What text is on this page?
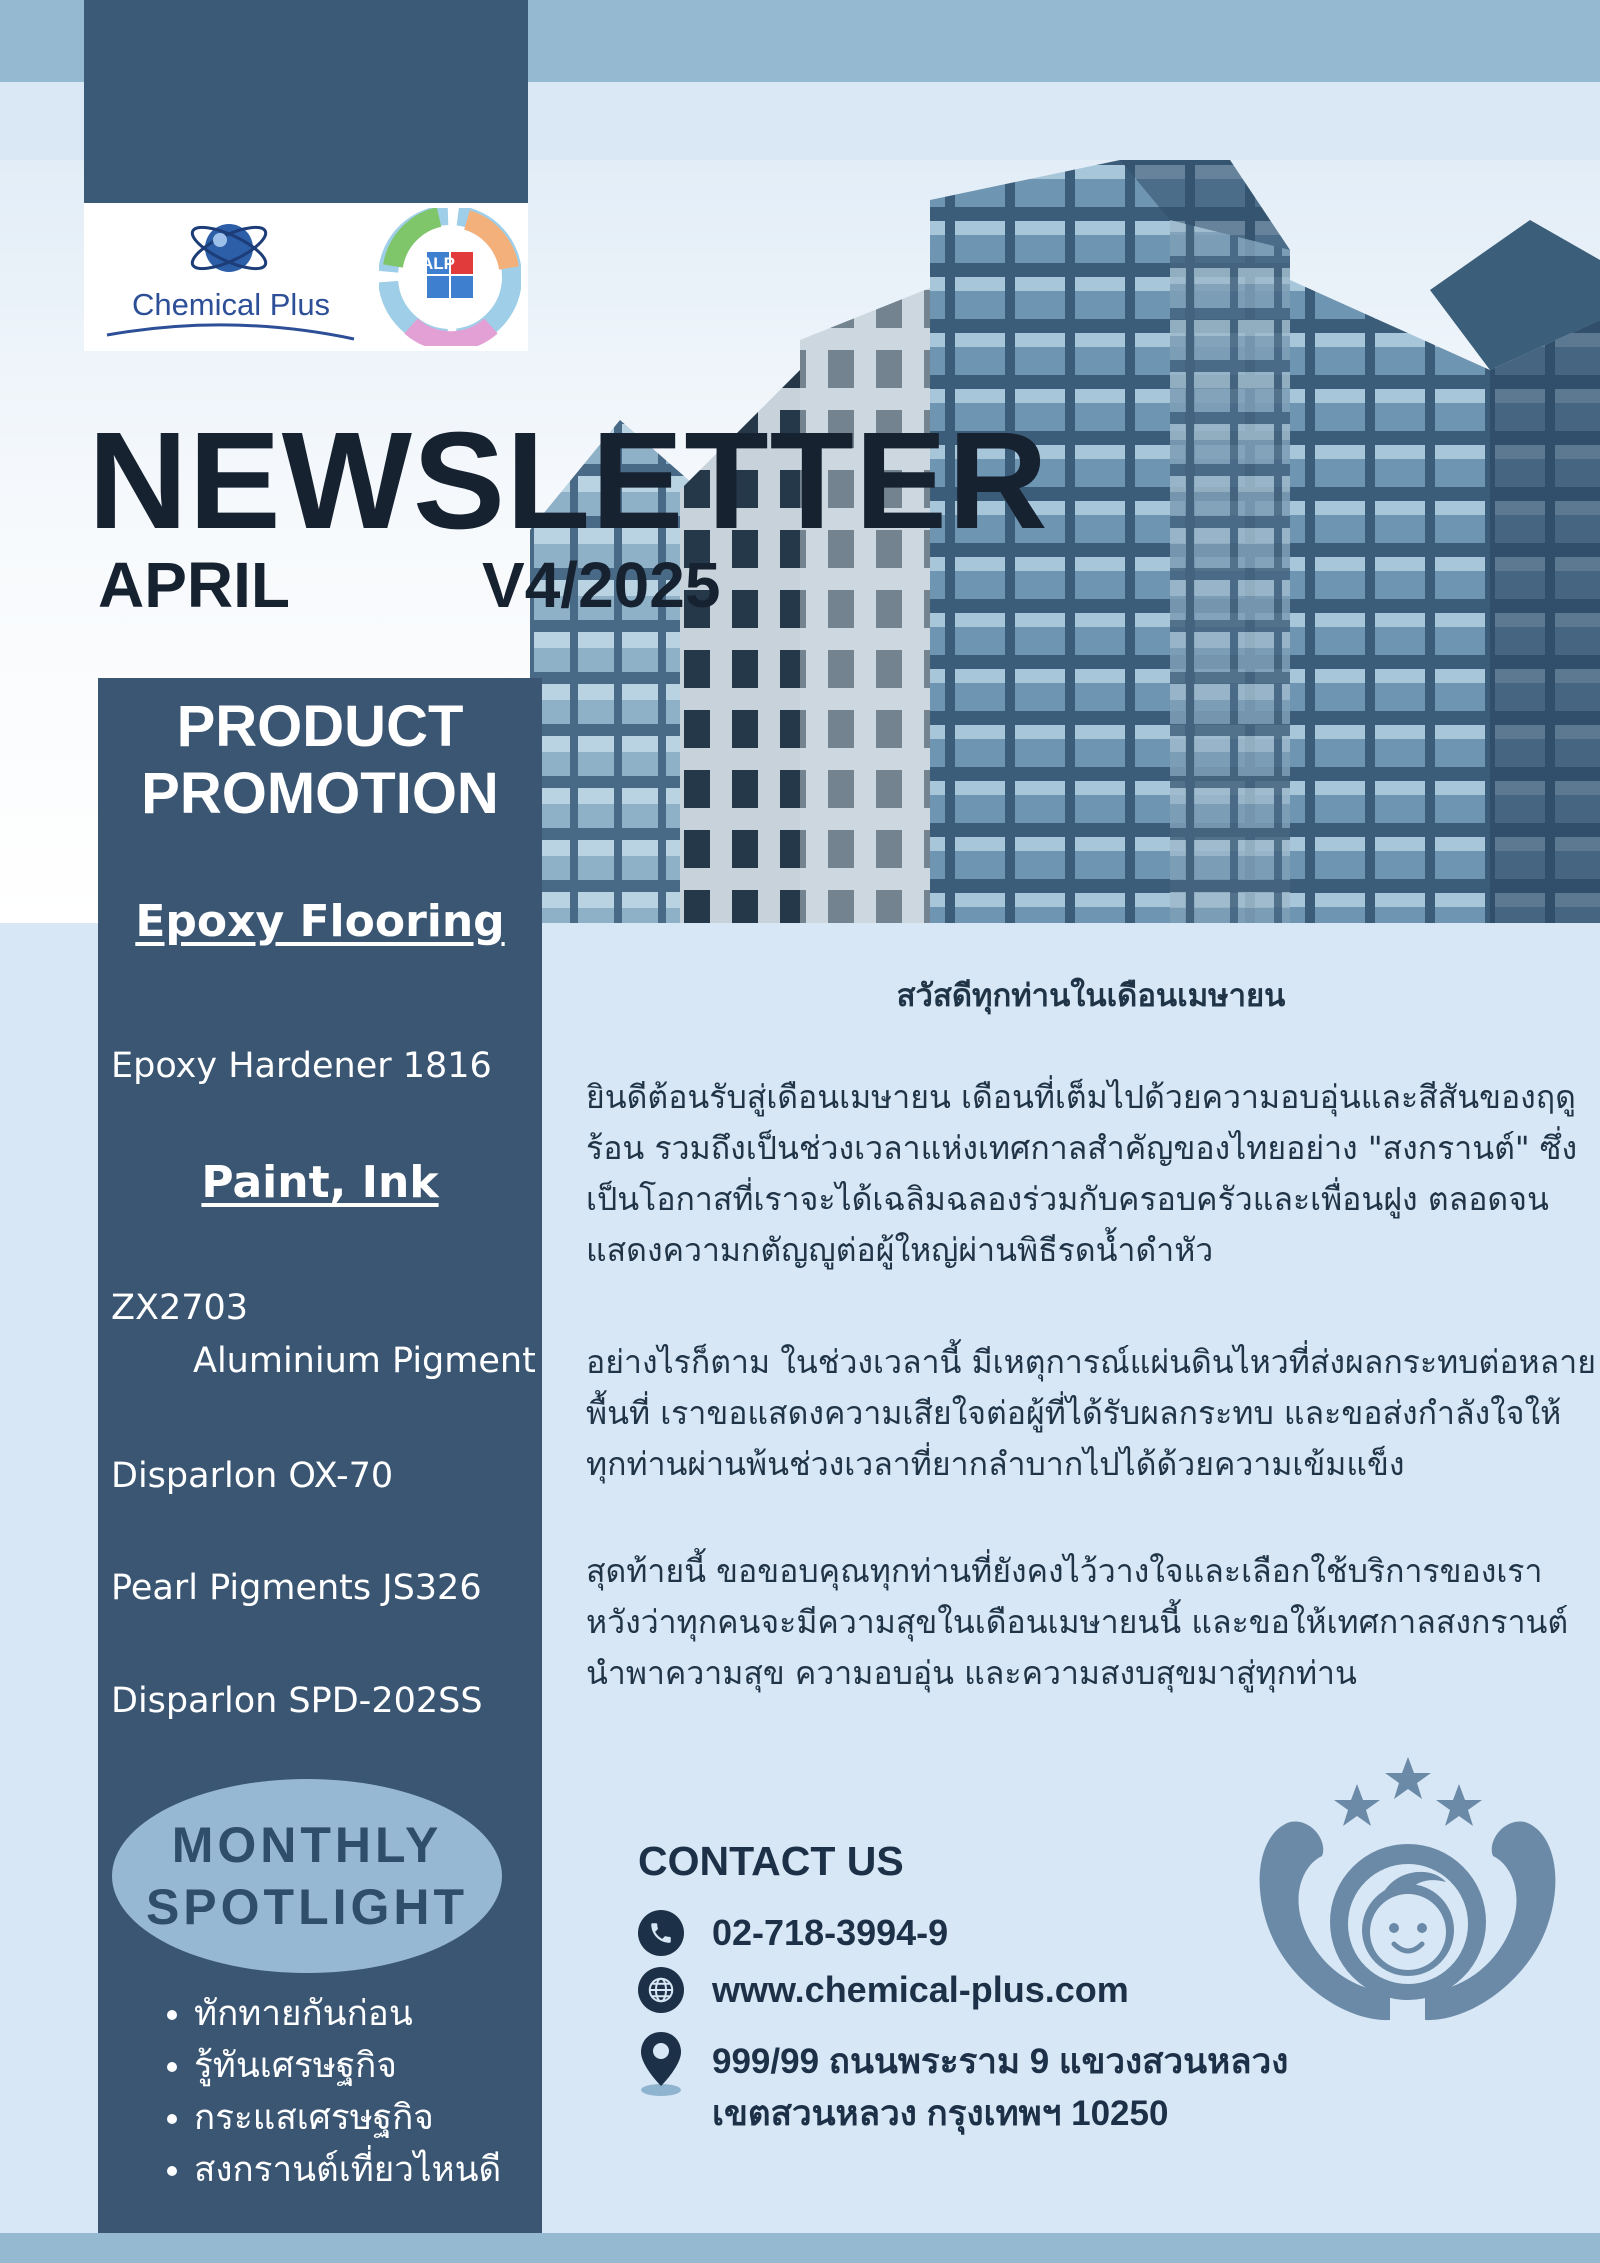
Chemical Plus
ALP
NEWSLETTER
APRIL	V4/2025
PRODUCT
PROMOTION
Epoxy Flooring
Epoxy Hardener 1816
Paint, Ink
ZX2703
Aluminium Pigment
Disparlon OX-70
Pearl Pigments JS326
Disparlon SPD-202SS
MONTHLY
SPOTLIGHT
• ทักทายกันก่อน
• รู้ทันเศรษฐกิจ
• กระแสเศรษฐกิจ
• สงกรานต์เที่ยวไหนดี
สวัสดีทุกท่านในเดือนเมษายน

ยินดีต้อนรับสู่เดือนเมษายน เดือนที่เต็มไปด้วยความอบอุ่นและสีสันของฤดูร้อน รวมถึงเป็นช่วงเวลาแห่งเทศกาลสำคัญของไทยอย่าง "สงกรานต์" ซึ่งเป็นโอกาสที่เราจะได้เฉลิมฉลองร่วมกับครอบครัวและเพื่อนฝูง ตลอดจนแสดงความกตัญญูต่อผู้ใหญ่ผ่านพิธีรดน้ำดำหัว

อย่างไรก็ตาม ในช่วงเวลานี้ มีเหตุการณ์แผ่นดินไหวที่ส่งผลกระทบต่อหลายพื้นที่ เราขอแสดงความเสียใจต่อผู้ที่ได้รับผลกระทบ และขอส่งกำลังใจให้ทุกท่านผ่านพ้นช่วงเวลาที่ยากลำบากไปได้ด้วยความเข้มแข็ง

สุดท้ายนี้ ขอขอบคุณทุกท่านที่ยังคงไว้วางใจและเลือกใช้บริการของเรา หวังว่าทุกคนจะมีความสุขในเดือนเมษายนนี้ และขอให้เทศกาลสงกรานต์นำพาความสุข ความอบอุ่น และความสงบสุขมาสู่ทุกท่าน

CONTACT US
02-718-3994-9
www.chemical-plus.com

999/99 ถนนพระราม 9 แขวงสวนหลวง
เขตสวนหลวง กรุงเทพฯ 10250
